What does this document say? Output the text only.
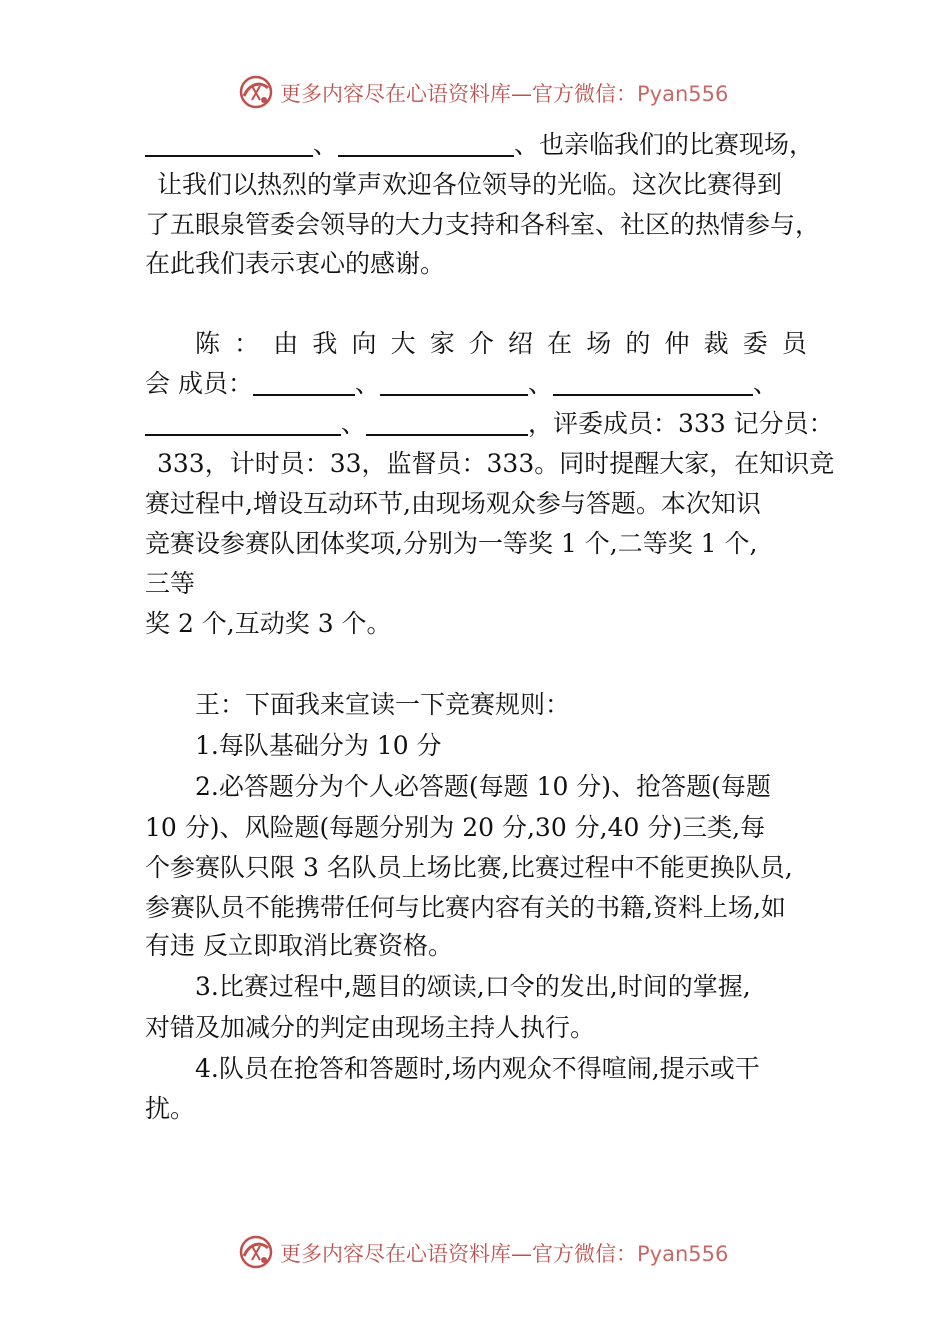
更多内容尽在心语资料库—官方微信：Pyan556
、	、也亲临我们的比赛现场，
让我们以热烈的掌声欢迎各位领导的光临。这次比赛得到
了五眼泉管委会领导的大力支持和各科室、社区的热情参与，
在此我们表示衷心的感谢。
陈 ： 由 我 向 大 家 介 绍 在 场 的 仲 裁 委 员
会 成员：	、	、	、
、	，评委成员：333 记分员：
333，计时员：33，监督员：333。同时提醒大家，在知识竞
赛过程中,增设互动环节,由现场观众参与答题。本次知识
竞赛设参赛队团体奖项,分别为一等奖 1 个,二等奖 1 个,
三等
奖 2 个,互动奖 3 个。
王：下面我来宣读一下竞赛规则：
1.每队基础分为 10 分
2.必答题分为个人必答题(每题 10 分)、抢答题(每题
10 分)、风险题(每题分别为 20 分,30 分,40 分)三类,每
个参赛队只限 3 名队员上场比赛,比赛过程中不能更换队员,
参赛队员不能携带任何与比赛内容有关的书籍,资料上场,如
有违 反立即取消比赛资格。
3.比赛过程中,题目的颂读,口令的发出,时间的掌握,
对错及加减分的判定由现场主持人执行。
4.队员在抢答和答题时,场内观众不得喧闹,提示或干
扰。
更多内容尽在心语资料库—官方微信：Pyan556
